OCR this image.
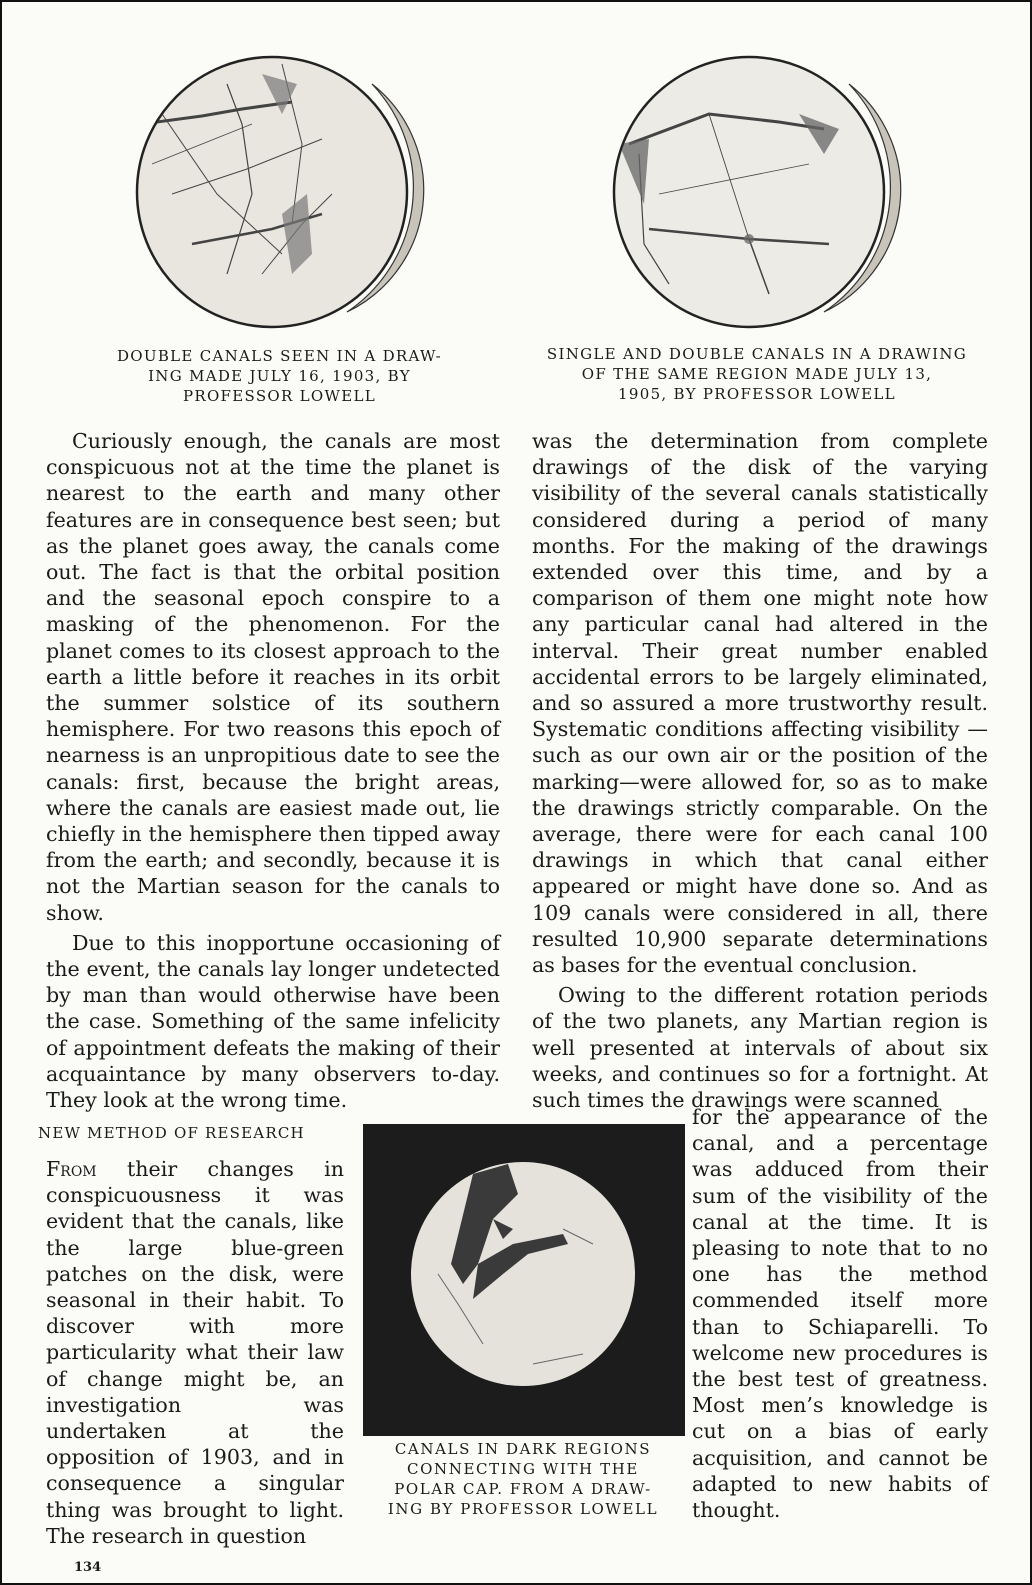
DOUBLE CANALS SEEN IN A DRAW-
ING MADE JULY 16, 1903, BY
PROFESSOR LOWELL
SINGLE AND DOUBLE CANALS IN A DRAWING
OF THE SAME REGION MADE JULY 13,
1905, BY PROFESSOR LOWELL

Curiously enough, the canals are most conspicuous not at the time the planet is nearest to the earth and many other features are in consequence best seen; but as the planet goes away, the canals come out. The fact is that the orbital position and the seasonal epoch conspire to a masking of the phenomenon. For the planet comes to its closest approach to the earth a little before it reaches in its orbit the summer solstice of its southern hemisphere. For two reasons this epoch of nearness is an unpropitious date to see the canals: first, because the bright areas, where the canals are easiest made out, lie chiefly in the hemisphere then tipped away from the earth; and secondly, because it is not the Martian season for the canals to show.

Due to this inopportune occasioning of the event, the canals lay longer undetected by man than would otherwise have been the case. Something of the same infelicity of appointment defeats the making of their acquaintance by many observers to-day. They look at the wrong time.

NEW METHOD OF RESEARCH

From their changes in conspicuousness it was evident that the canals, like the large blue-green patches on the disk, were seasonal in their habit. To discover with more particularity what their law of change might be, an investigation was undertaken at the opposition of 1903, and in consequence a singular thing was brought to light. The research in question

CANALS IN DARK REGIONS
CONNECTING WITH THE
POLAR CAP. FROM A DRAW-
ING BY PROFESSOR LOWELL

was the determination from complete drawings of the disk of the varying visibility of the several canals statistically considered during a period of many months. For the making of the drawings extended over this time, and by a comparison of them one might note how any particular canal had altered in the interval. Their great number enabled accidental errors to be largely eliminated, and so assured a more trustworthy result. Systematic conditions affecting visibility —such as our own air or the position of the marking—were allowed for, so as to make the drawings strictly comparable. On the average, there were for each canal 100 drawings in which that canal either appeared or might have done so. And as 109 canals were considered in all, there resulted 10,900 separate determinations as bases for the eventual conclusion.

Owing to the different rotation periods of the two planets, any Martian region is well presented at intervals of about six weeks, and continues so for a fortnight. At such times the drawings were scanned

for the appearance of the canal, and a percentage was adduced from their sum of the visibility of the canal at the time. It is pleasing to note that to no one has the method commended itself more than to Schiaparelli. To welcome new procedures is the best test of greatness. Most men’s knowledge is cut on a bias of early acquisition, and cannot be adapted to new habits of thought.

134
